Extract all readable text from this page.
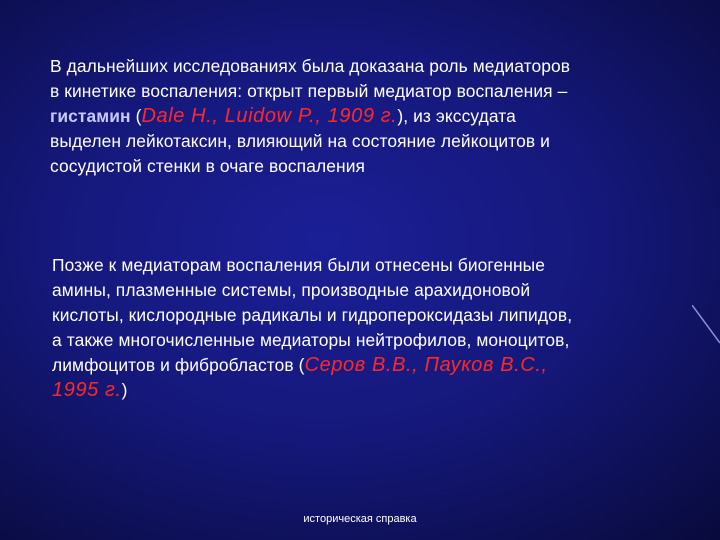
В дальнейших исследованиях была доказана роль медиаторов
в кинетике воспаления: открыт первый медиатор воспаления –
гистамин (Dale H., Luidow P., 1909 г.), из экссудата
выделен лейкотаксин, влияющий на состояние лейкоцитов и
сосудистой стенки в очаге воспаления

Позже к медиаторам воспаления были отнесены биогенные
амины, плазменные системы, производные арахидоновой
кислоты, кислородные радикалы и гидропероксидазы липидов,
а также многочисленные медиаторы нейтрофилов, моноцитов,
лимфоцитов и фибробластов (Серов В.В., Пауков В.С.,
1995 г.)

историческая справка
